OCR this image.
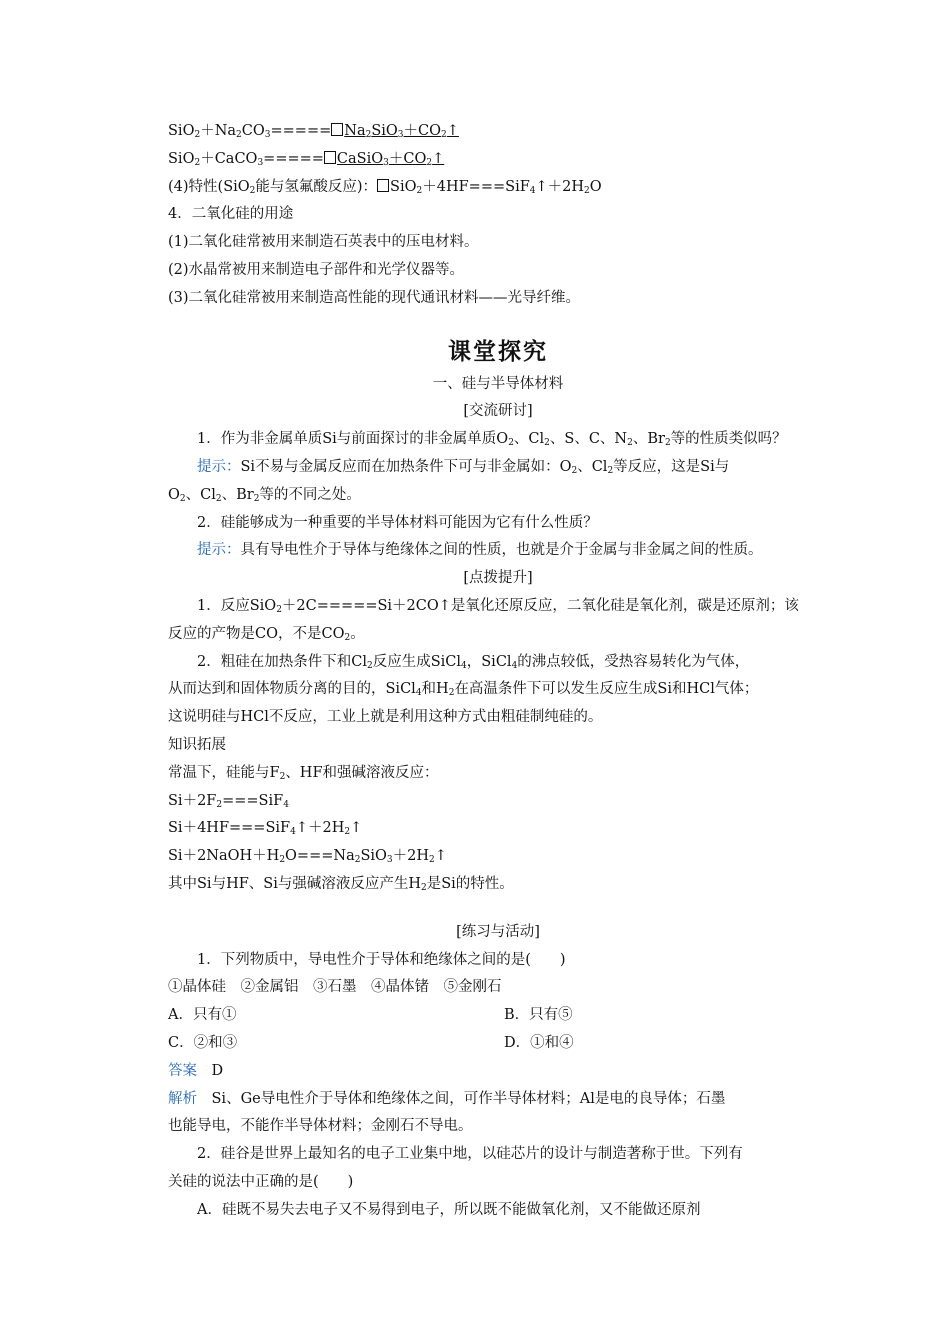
$SiO_2+Na_2CO_3=====$ $Na_2SiO_3+CO_2↑$
SiO$_2$＋CaCO$_3$===== $CaSiO_3+CO_2↑$
(4)特性(SiO$_2$能与氢氟酸反应)： $SiO_2+4HF===SiF_4↑+2H_2O$
4．二氧化硅的用途
(1)二氧化硅常被用来制造石英表中的压电材料。
(2)水晶常被用来制造电子部件和光学仪器等。
(3)二氧化硅常被用来制造高性能的现代通讯材料——光导纤维。
课堂探究
一、硅与半导体材料
[交流研讨]
1．作为非金属单质Si与前面探讨的非金属单质$O_2$、$Cl_2$、S、C、$N_2$、$Br_2$等的性质类似吗？
提示：Si不易与金属反应而在加热条件下可与非金属如：$O_2$、$Cl_2$等反应，这是Si与
$O_2$、$Cl_2$、$Br_2$等的不同之处。
2．硅能够成为一种重要的半导体材料可能因为它有什么性质？
提示：具有导电性介于导体与绝缘体之间的性质，也就是介于金属与非金属之间的性质。
[点拨提升]
1．反应SiO$_2$＋2C=====Si＋2CO↑是氧化还原反应，二氧化硅是氧化剂，碳是还原剂；该
反应的产物是CO，不是$CO_2$。
2．粗硅在加热条件下和$Cl_2$反应生成SiCl$_4$，SiCl$_4$的沸点较低，受热容易转化为气体，
从而达到和固体物质分离的目的，SiCl$_4$和$H_2$在高温条件下可以发生反应生成Si和HCl气体；
这说明硅与HCl不反应，工业上就是利用这种方式由粗硅制纯硅的。
知识拓展
常温下，硅能与$F_2$、HF和强碱溶液反应：
$Si+2F_2===SiF_4$
$Si+4HF===SiF_4↑+2H_2↑$
$Si+2NaOH+H_2O===Na_2SiO_3+2H_2↑$
其中Si与HF、Si与强碱溶液反应产生$H_2$是Si的特性。
[练习与活动]
1．下列物质中，导电性介于导体和绝缘体之间的是(　　)
①晶体硅　②金属铝　③石墨　④晶体锗　⑤金刚石
A．只有①	B．只有⑤
C．②和③	D．①和④
答案　D
解析　Si、Ge导电性介于导体和绝缘体之间，可作半导体材料；Al是电的良导体；石墨
也能导电，不能作半导体材料；金刚石不导电。
2．硅谷是世界上最知名的电子工业集中地，以硅芯片的设计与制造著称于世。下列有
关硅的说法中正确的是(　　)
A．硅既不易失去电子又不易得到电子，所以既不能做氧化剂，又不能做还原剂
